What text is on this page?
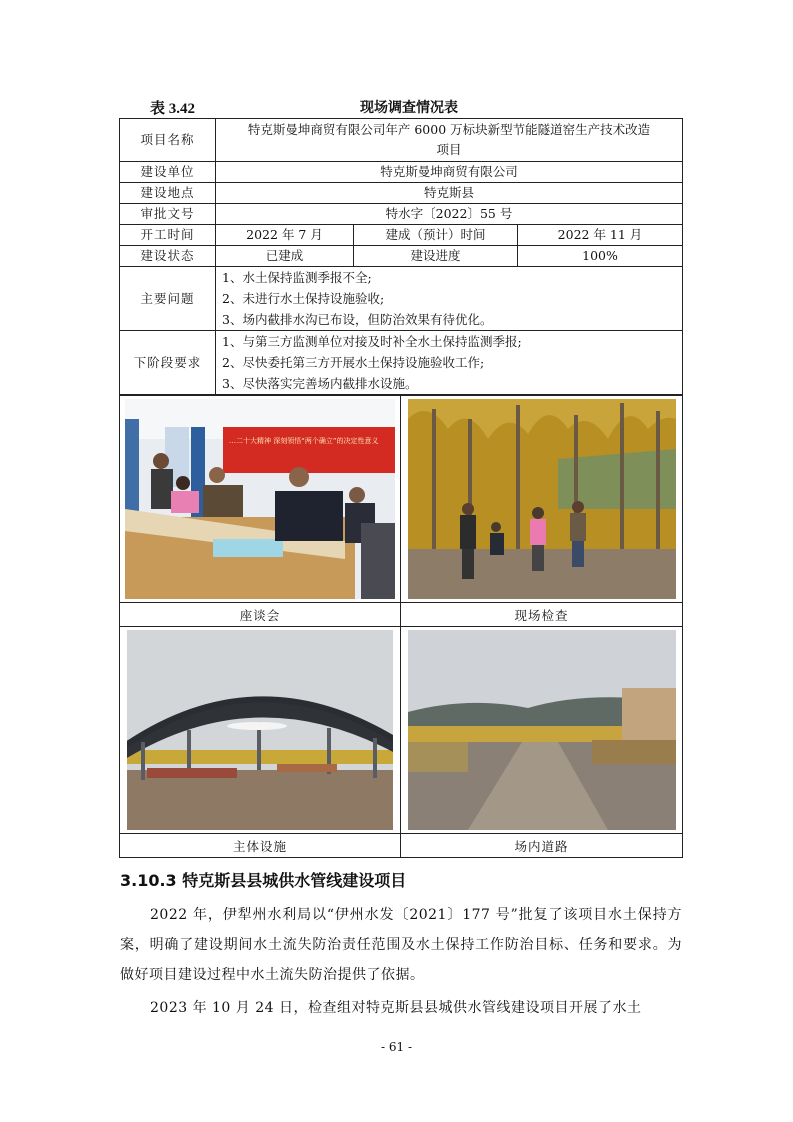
表 3.42	现场调查情况表
项目名称	特克斯曼坤商贸有限公司年产 6000 万标块新型节能隧道窑生产技术改造
项目		

建设单位	特克斯曼坤商贸有限公司		
建设地点	特克斯县		
审批文号	特水字〔2022〕55 号		
开工时间	2022 年 7 月	建成（预计）时间	2022 年 11 月
建设状态	已建成	建设进度	100%
主要问题	1、水土保持监测季报不全;
2、未进行水土保持设施验收;
3、场内截排水沟已布设，但防治效果有待优化。		

下阶段要求	1、与第三方监测单位对接及时补全水土保持监测季报;
2、尽快委托第三方开展水土保持设施验收工作;
3、尽快落实完善场内截排水设施。		
…二十大精神 深刻领悟“两个确立”的决定性意义

座谈会	现场检查

主体设施	场内道路
3.10.3 特克斯县县城供水管线建设项目
2022 年，伊犁州水利局以“伊州水发〔2021〕177 号”批复了该项目水土保持方案，明确了建设期间水土流失防治责任范围及水土保持工作防治目标、任务和要求。为做好项目建设过程中水土流失防治提供了依据。
2023 年 10 月 24 日，检查组对特克斯县县城供水管线建设项目开展了水土
- 61 -
